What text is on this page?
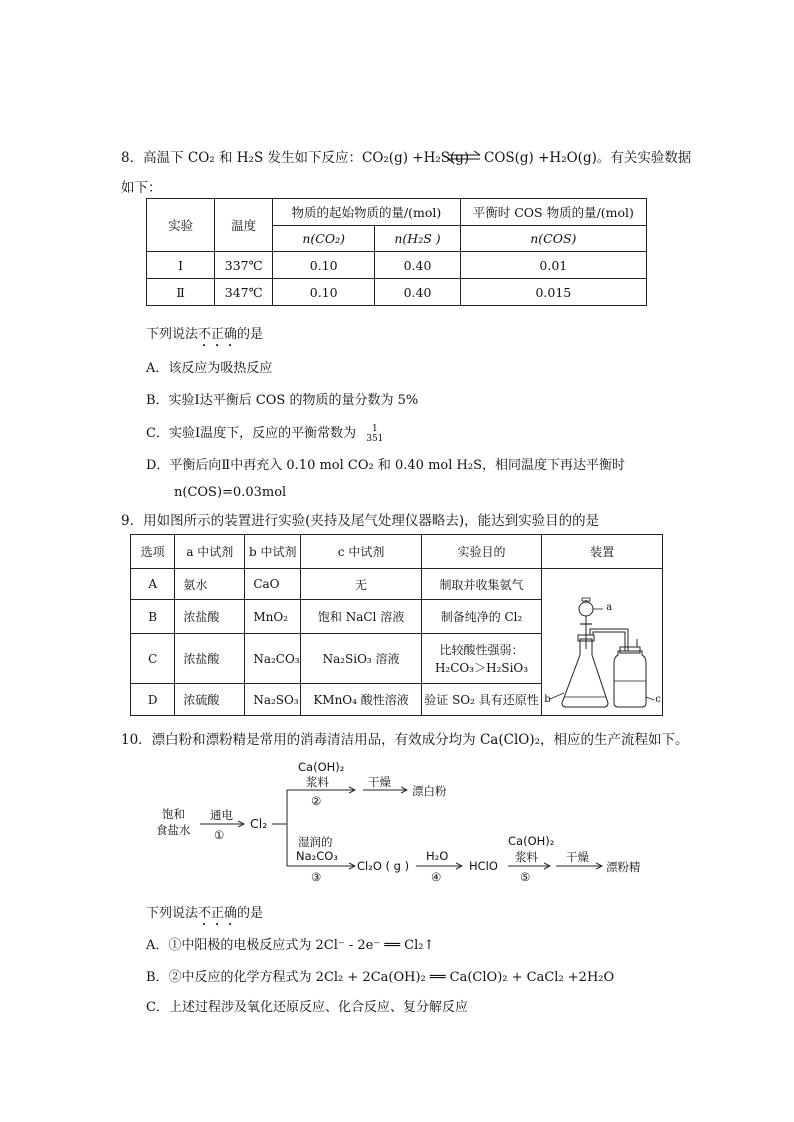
8．高温下 CO₂ 和 H₂S 发生如下反应：CO₂(g) +H₂S(g) ⇌ COS(g) +H₂O(g)。有关实验数据
如下：
实验	温度	物质的起始物质的量/(mol)		平衡时 COS 物质的量/(mol)
		n(CO₂)	n(H₂S )	n(COS)
Ⅰ	337℃	0.10	0.40	0.01
Ⅱ	347℃	0.10	0.40	0.015
下列说法不正确的是
A．该反应为吸热反应
B．实验Ⅰ达平衡后 COS 的物质的量分数为 5%
C．实验Ⅰ温度下，反应的平衡常数为	1
351
D．平衡后向Ⅱ中再充入 0.10 mol CO₂ 和 0.40 mol H₂S，相同温度下再达平衡时
n(COS)=0.03mol
9．用如图所示的装置进行实验(夹持及尾气处理仪器略去)，能达到实验目的的是
选项	a 中试剂	b 中试剂	c 中试剂	实验目的	装置
A	氨水	CaO	无	制取并收集氨气	a
b c

B	浓盐酸	MnO₂	饱和 NaCl 溶液	制备纯净的 Cl₂	
C	浓盐酸	Na₂CO₃	Na₂SiO₃ 溶液	比较酸性强弱：
H₂CO₃＞H₂SiO₃	

D	浓硫酸	Na₂SO₃	KMnO₄ 酸性溶液	验证 SO₂ 具有还原性	
10．漂白粉和漂粉精是常用的消毒清洁用品，有效成分均为 Ca(ClO)₂，相应的生产流程如下。
饱和
食盐水
通电
①
Cl₂
Ca(OH)₂
浆料
②
干燥
漂白粉
湿润的
Na₂CO₃
③
Cl₂O ( g )
H₂O
④
HClO
Ca(OH)₂
浆料
⑤
干燥
漂粉精
下列说法不正确的是
A．①中阳极的电极反应式为 2Cl⁻ - 2e⁻ ══ Cl₂↑
B．②中反应的化学方程式为 2Cl₂ + 2Ca(OH)₂ ══ Ca(ClO)₂ + CaCl₂ +2H₂O
C．上述过程涉及氧化还原反应、化合反应、复分解反应
